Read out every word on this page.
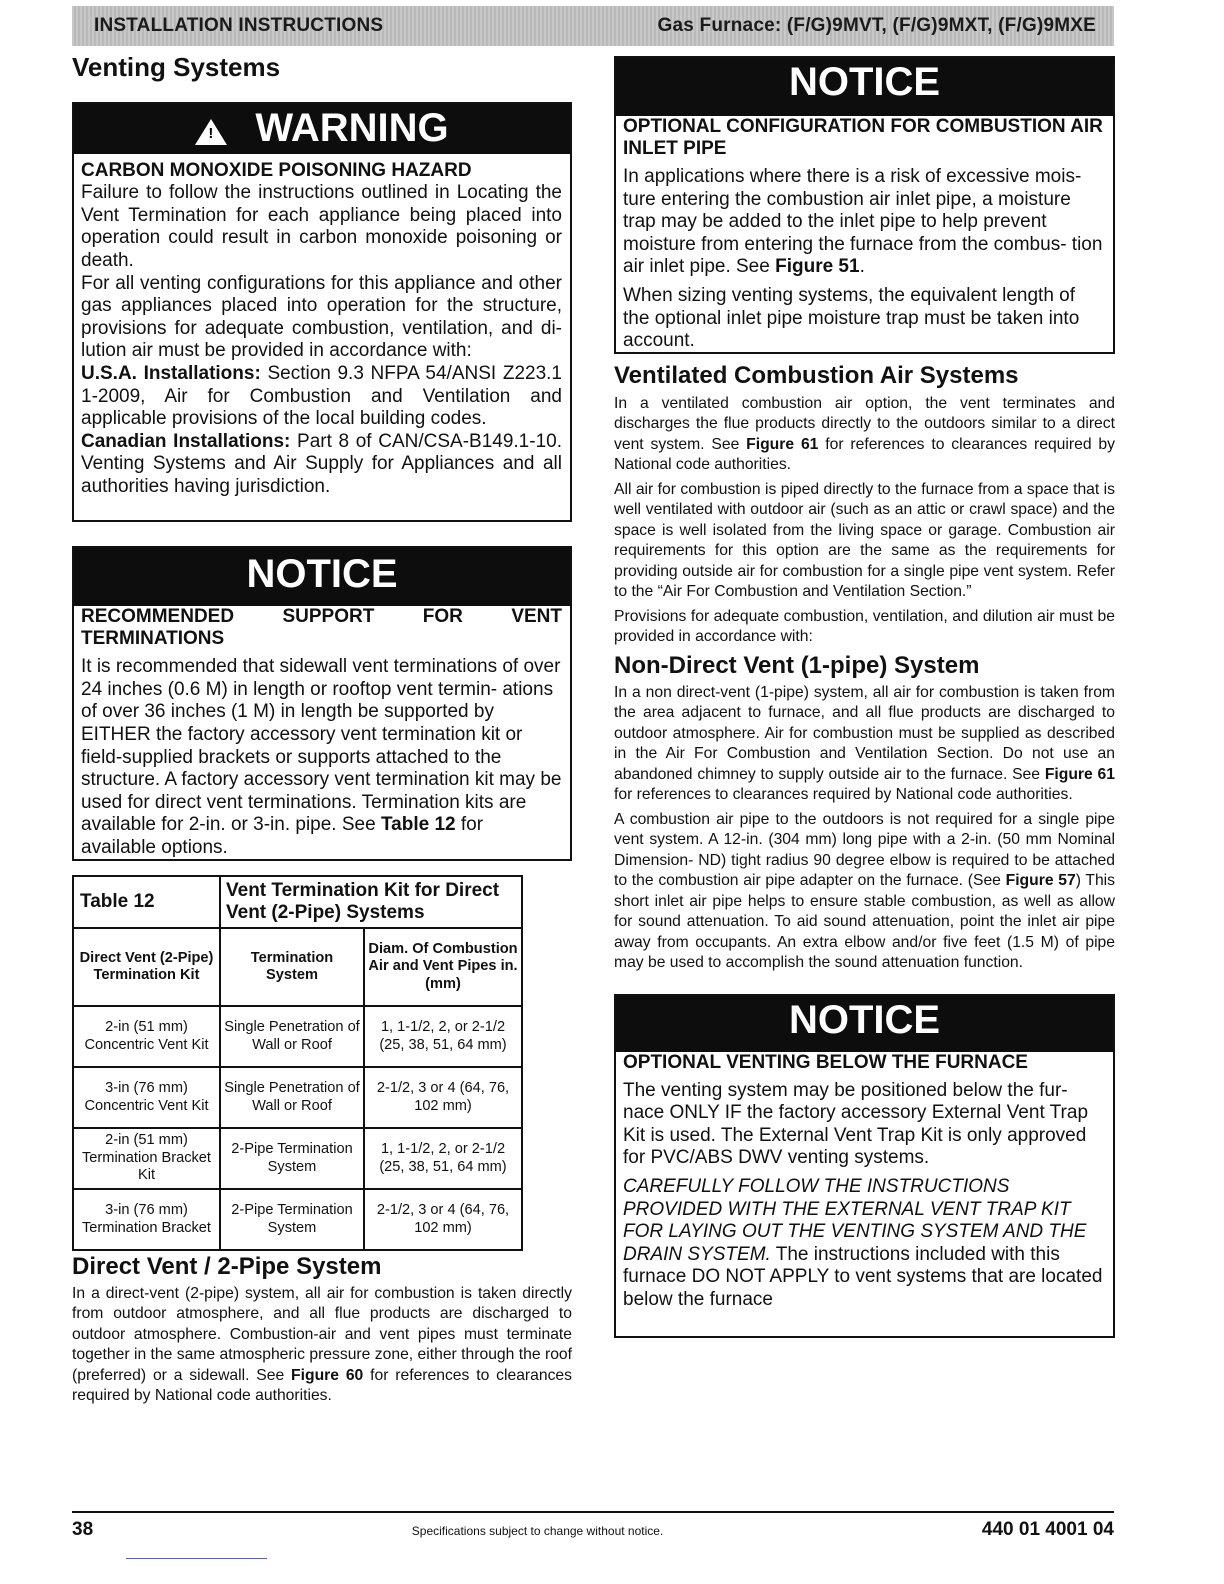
INSTALLATION INSTRUCTIONS	Gas Furnace: (F/G)9MVT, (F/G)9MXT, (F/G)9MXE
Venting Systems
! WARNING
CARBON MONOXIDE POISONING HAZARD

Failure to follow the instructions outlined in Locating the Vent Termination for each appliance being placed into operation could result in carbon monoxide poisoning or death.

For all venting configurations for this appliance and other gas appliances placed into operation for the structure, provisions for adequate combustion, ventilation, and di- lution air must be provided in accordance with:

U.S.A. Installations: Section 9.3 NFPA 54/ANSI Z223.1 1-2009, Air for Combustion and Ventilation and applicable provisions of the local building codes.

Canadian Installations: Part 8 of CAN/CSA-B149.1-10. Venting Systems and Air Supply for Appliances and all authorities having jurisdiction.

NOTICE
RECOMMENDED SUPPORT FOR VENT TERMINATIONS

It is recommended that sidewall vent terminations of over 24 inches (0.6 M) in length or rooftop vent termin- ations of over 36 inches (1 M) in length be supported by EITHER the factory accessory vent termination kit or field-supplied brackets or supports attached to the structure. A factory accessory vent termination kit may be used for direct vent terminations. Termination kits are available for 2-in. or 3-in. pipe. See Table 12 for available options.

Table 12	Vent Termination Kit for Direct Vent (2-Pipe) Systems	
Direct Vent (2-Pipe) Termination Kit	Termination System	Diam. Of Combustion Air and Vent Pipes in.(mm)
2-in (51 mm) Concentric Vent Kit	Single Penetration of Wall or Roof	1, 1-1/2, 2, or 2-1/2 (25, 38, 51, 64 mm)
3-in (76 mm) Concentric Vent Kit	Single Penetration of Wall or Roof	2-1/2, 3 or 4 (64, 76, 102 mm)
2-in (51 mm) Termination Bracket Kit	2-Pipe Termination System	1, 1-1/2, 2, or 2-1/2 (25, 38, 51, 64 mm)
3-in (76 mm) Termination Bracket	2-Pipe Termination System	2-1/2, 3 or 4 (64, 76, 102 mm)
Direct Vent / 2-Pipe System

In a direct-vent (2-pipe) system, all air for combustion is taken directly from outdoor atmosphere, and all flue products are discharged to outdoor atmosphere. Combustion-air and vent pipes must terminate together in the same atmospheric pressure zone, either through the roof (preferred) or a sidewall. See Figure 60 for references to clearances required by National code authorities.

NOTICE
OPTIONAL CONFIGURATION FOR COMBUSTION AIR INLET PIPE

In applications where there is a risk of excessive mois- ture entering the combustion air inlet pipe, a moisture trap may be added to the inlet pipe to help prevent moisture from entering the furnace from the combus- tion air inlet pipe. See Figure 51.

When sizing venting systems, the equivalent length of the optional inlet pipe moisture trap must be taken into account.

Ventilated Combustion Air Systems

In a ventilated combustion air option, the vent terminates and discharges the flue products directly to the outdoors similar to a direct vent system. See Figure 61 for references to clearances required by National code authorities.

All air for combustion is piped directly to the furnace from a space that is well ventilated with outdoor air (such as an attic or crawl space) and the space is well isolated from the living space or garage. Combustion air requirements for this option are the same as the requirements for providing outside air for combustion for a single pipe vent system. Refer to the “Air For Combustion and Ventilation Section.”

Provisions for adequate combustion, ventilation, and dilution air must be provided in accordance with:

Non-Direct Vent (1-pipe) System

In a non direct-vent (1-pipe) system, all air for combustion is taken from the area adjacent to furnace, and all flue products are discharged to outdoor atmosphere. Air for combustion must be supplied as described in the Air For Combustion and Ventilation Section. Do not use an abandoned chimney to supply outside air to the furnace. See Figure 61 for references to clearances required by National code authorities.

A combustion air pipe to the outdoors is not required for a single pipe vent system. A 12-in. (304 mm) long pipe with a 2-in. (50 mm Nominal Dimension- ND) tight radius 90 degree elbow is required to be attached to the combustion air pipe adapter on the furnace. (See Figure 57) This short inlet air pipe helps to ensure stable combustion, as well as allow for sound attenuation. To aid sound attenuation, point the inlet air pipe away from occupants. An extra elbow and/or five feet (1.5 M) of pipe may be used to accomplish the sound attenuation function.

NOTICE
OPTIONAL VENTING BELOW THE FURNACE

The venting system may be positioned below the fur- nace ONLY IF the factory accessory External Vent Trap Kit is used. The External Vent Trap Kit is only approved for PVC/ABS DWV venting systems.

CAREFULLY FOLLOW THE INSTRUCTIONS PROVIDED WITH THE EXTERNAL VENT TRAP KIT FOR LAYING OUT THE VENTING SYSTEM AND THE DRAIN SYSTEM. The instructions included with this furnace DO NOT APPLY to vent systems that are located below the furnace

38	Specifications subject to change without notice.	440 01 4001 04
